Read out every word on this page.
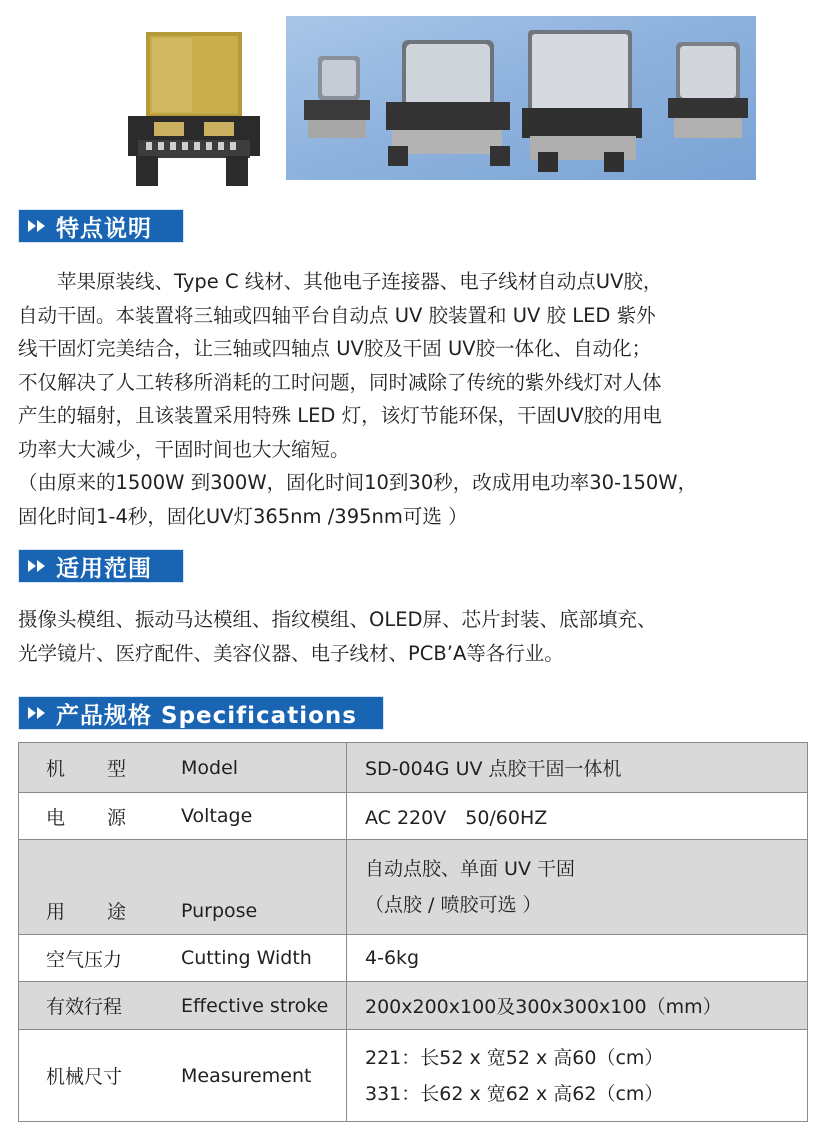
特点说明

　　苹果原装线、Type C 线材、其他电子连接器、电子线材自动点UV胶，

自动干固。本装置将三轴或四轴平台自动点 UV 胶装置和 UV 胶 LED 紫外

线干固灯完美结合，让三轴或四轴点 UV胶及干固 UV胶一体化、自动化；

不仅解决了人工转移所消耗的工时问题，同时减除了传统的紫外线灯对人体

产生的辐射，且该装置采用特殊 LED 灯，该灯节能环保，干固UV胶的用电

功率大大减少，干固时间也大大缩短。

（由原来的1500W 到300W，固化时间10到30秒，改成用电功率30-150W，

固化时间1-4秒，固化UV灯365nm /395nm可选 ）

适用范围

摄像头模组、振动马达模组、指纹模组、OLED屏、芯片封装、底部填充、

光学镜片、医疗配件、美容仪器、电子线材、PCB’A等各行业。

产品规格 Specifications
机 型 Model	SD-004G UV 点胶干固一体机

电 源 Voltage	AC 220V　50/60HZ

用 途 Purpose	自动点胶、单面 UV 干固
（点胶 / 喷胶可选 ）

空气压力 Cutting Width	4-6kg

有效行程 Effective stroke	200x200x100及300x300x100（mm）

机械尺寸 Measurement	221：长52 x 宽52 x 高60（cm）
331：长62 x 宽62 x 高62（cm）
